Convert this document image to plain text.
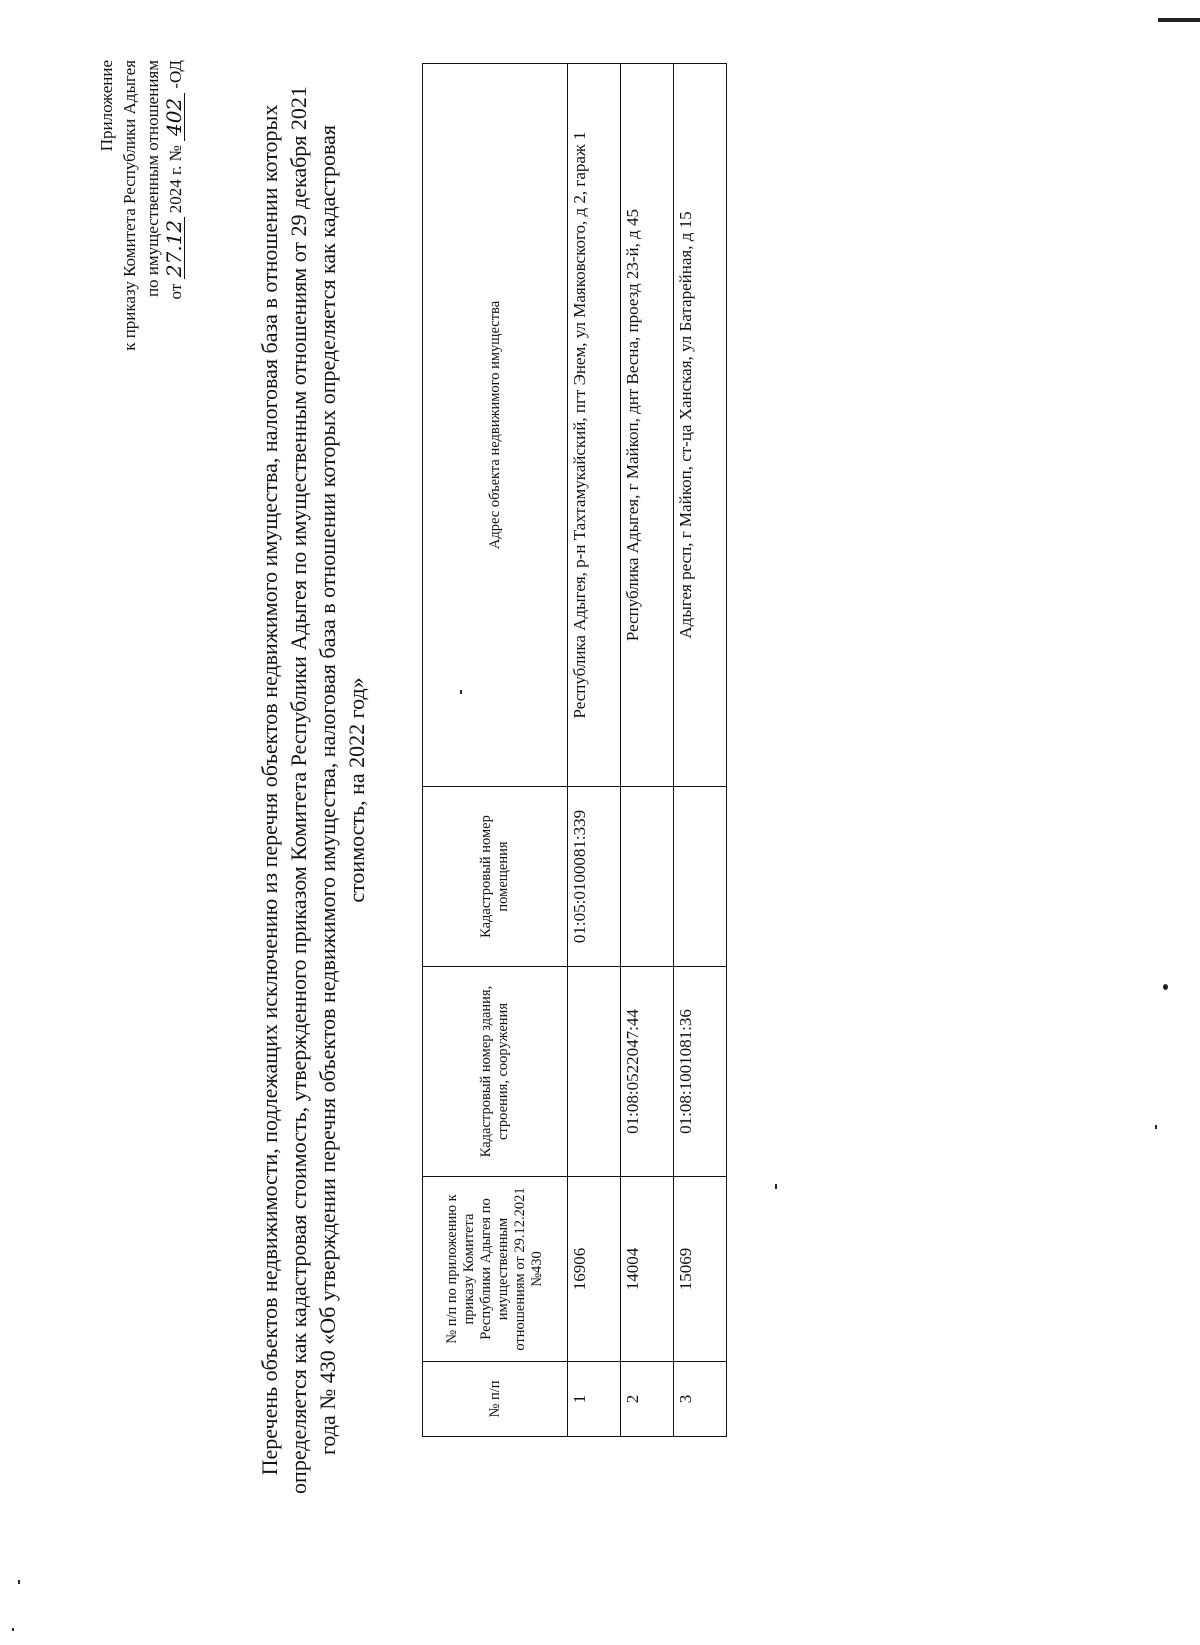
Приложение к приказу Комитета Республики Адыгея по имущественным отношениям от 27.12 2024 г. № 402 -ОД
Перечень объектов недвижимости, подлежащих исключению из перечня объектов недвижимого имущества, налоговая база в отношении которых определяется как кадастровая стоимость, утвержденного приказом Комитета Республики Адыгея по имущественным отношениям от 29 декабря 2021 года № 430 «Об утверждении перечня объектов недвижимого имущества, налоговая база в отношении которых определяется как кадастровая стоимость, на 2022 год»
№ п/п	№ п/п по приложению к приказу Комитета Республики Адыгея по имущественным отношениям от 29.12.2021 №430	Кадастровый номер здания, строения, сооружения	Кадастровый номер помещения	Адрес объекта недвижимого имущества
1	16906		01:05:0100081:339	Республика Адыгея, р-н Тахтамукайский, пгт Энем, ул Маяковского, д 2, гараж 1
2	14004	01:08:0522047:44		Республика Адыгея, г Майкоп, днт Весна, проезд 23-й, д 45
3	15069	01:08:1001081:36		Адыгея респ, г Майкоп, ст-ца Ханская, ул Батарейная, д 15
